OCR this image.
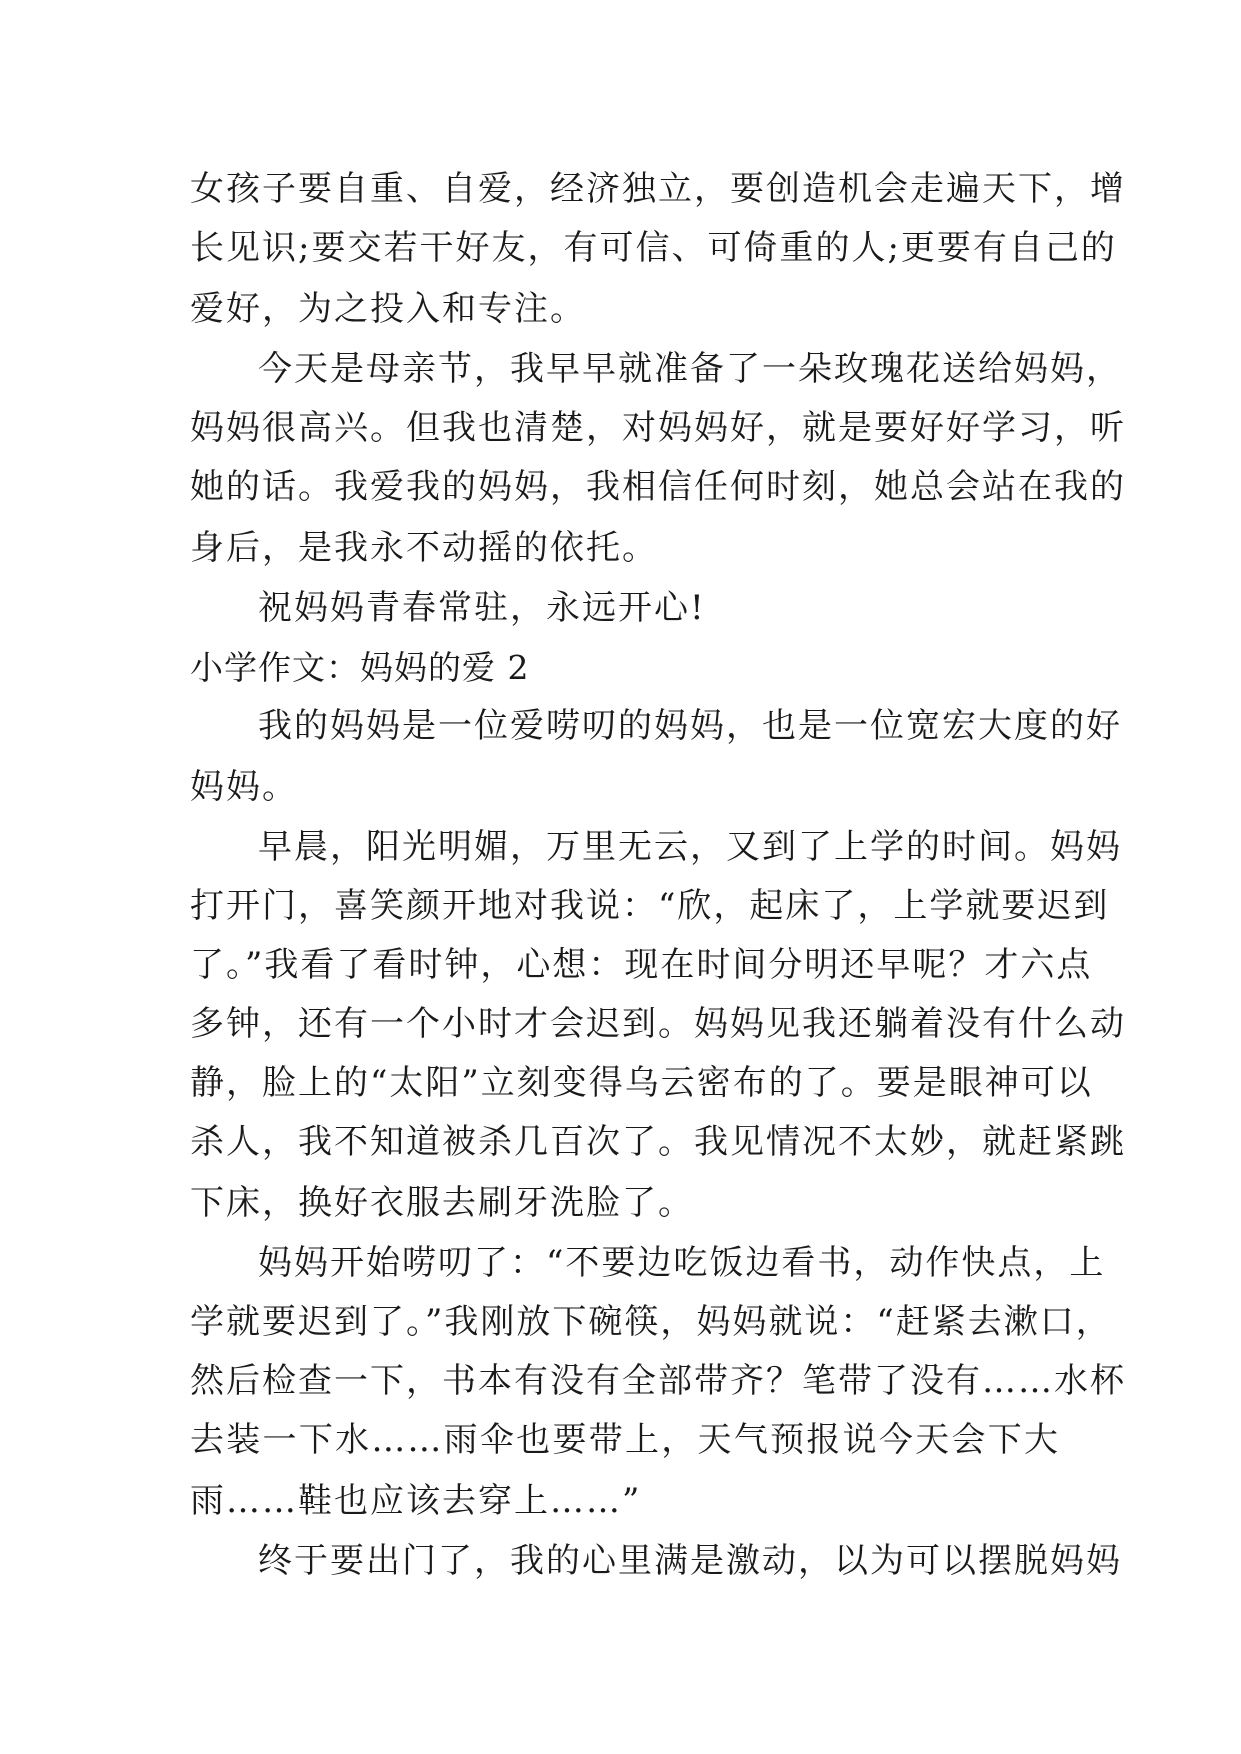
女孩子要自重、自爱，经济独立，要创造机会走遍天下，增
长见识;要交若干好友，有可信、可倚重的人;更要有自己的
爱好，为之投入和专注。
今天是母亲节，我早早就准备了一朵玫瑰花送给妈妈，
妈妈很高兴。但我也清楚，对妈妈好，就是要好好学习，听
她的话。我爱我的妈妈，我相信任何时刻，她总会站在我的
身后，是我永不动摇的依托。
祝妈妈青春常驻，永远开心!
小学作文：妈妈的爱 2
我的妈妈是一位爱唠叨的妈妈，也是一位宽宏大度的好
妈妈。
早晨，阳光明媚，万里无云，又到了上学的时间。妈妈
打开门，喜笑颜开地对我说：“欣，起床了，上学就要迟到
了。”我看了看时钟，心想：现在时间分明还早呢？才六点
多钟，还有一个小时才会迟到。妈妈见我还躺着没有什么动
静，脸上的“太阳”立刻变得乌云密布的了。要是眼神可以
杀人，我不知道被杀几百次了。我见情况不太妙，就赶紧跳
下床，换好衣服去刷牙洗脸了。
妈妈开始唠叨了：“不要边吃饭边看书，动作快点，上
学就要迟到了。”我刚放下碗筷，妈妈就说：“赶紧去漱口，
然后检查一下，书本有没有全部带齐？笔带了没有……水杯
去装一下水……雨伞也要带上，天气预报说今天会下大
雨……鞋也应该去穿上……”
终于要出门了，我的心里满是激动，以为可以摆脱妈妈
